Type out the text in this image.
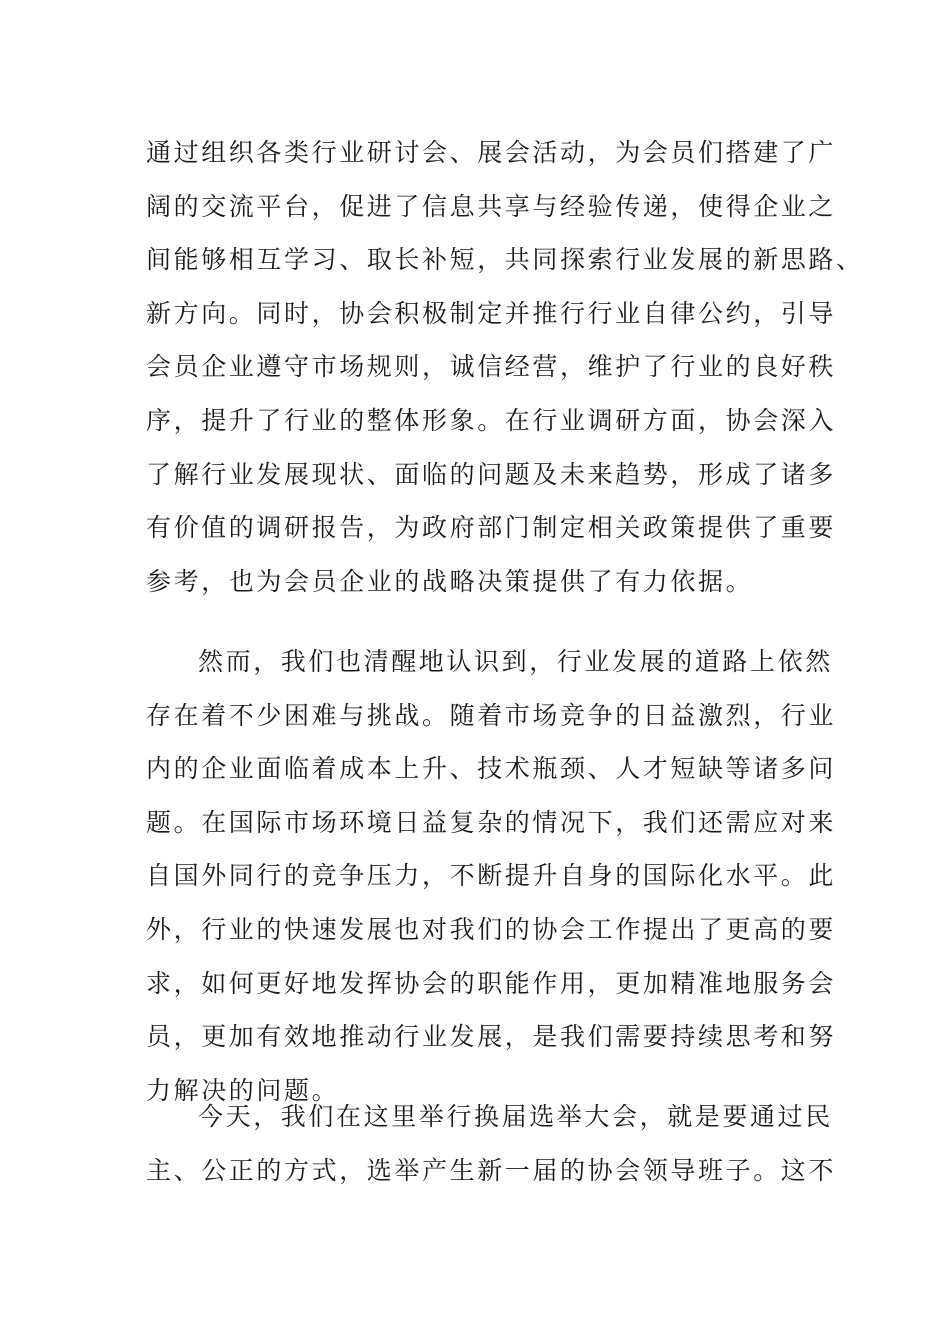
通过组织各类行业研讨会、展会活动，为会员们搭建了广
阔的交流平台，促进了信息共享与经验传递，使得企业之
间能够相互学习、取长补短，共同探索行业发展的新思路、
新方向。同时，协会积极制定并推行行业自律公约，引导
会员企业遵守市场规则，诚信经营，维护了行业的良好秩
序，提升了行业的整体形象。在行业调研方面，协会深入
了解行业发展现状、面临的问题及未来趋势，形成了诸多
有价值的调研报告，为政府部门制定相关政策提供了重要
参考，也为会员企业的战略决策提供了有力依据。
然而，我们也清醒地认识到，行业发展的道路上依然
存在着不少困难与挑战。随着市场竞争的日益激烈，行业
内的企业面临着成本上升、技术瓶颈、人才短缺等诸多问
题。在国际市场环境日益复杂的情况下，我们还需应对来
自国外同行的竞争压力，不断提升自身的国际化水平。此
外，行业的快速发展也对我们的协会工作提出了更高的要
求，如何更好地发挥协会的职能作用，更加精准地服务会
员，更加有效地推动行业发展，是我们需要持续思考和努
力解决的问题。
今天，我们在这里举行换届选举大会，就是要通过民
主、公正的方式，选举产生新一届的协会领导班子。这不
